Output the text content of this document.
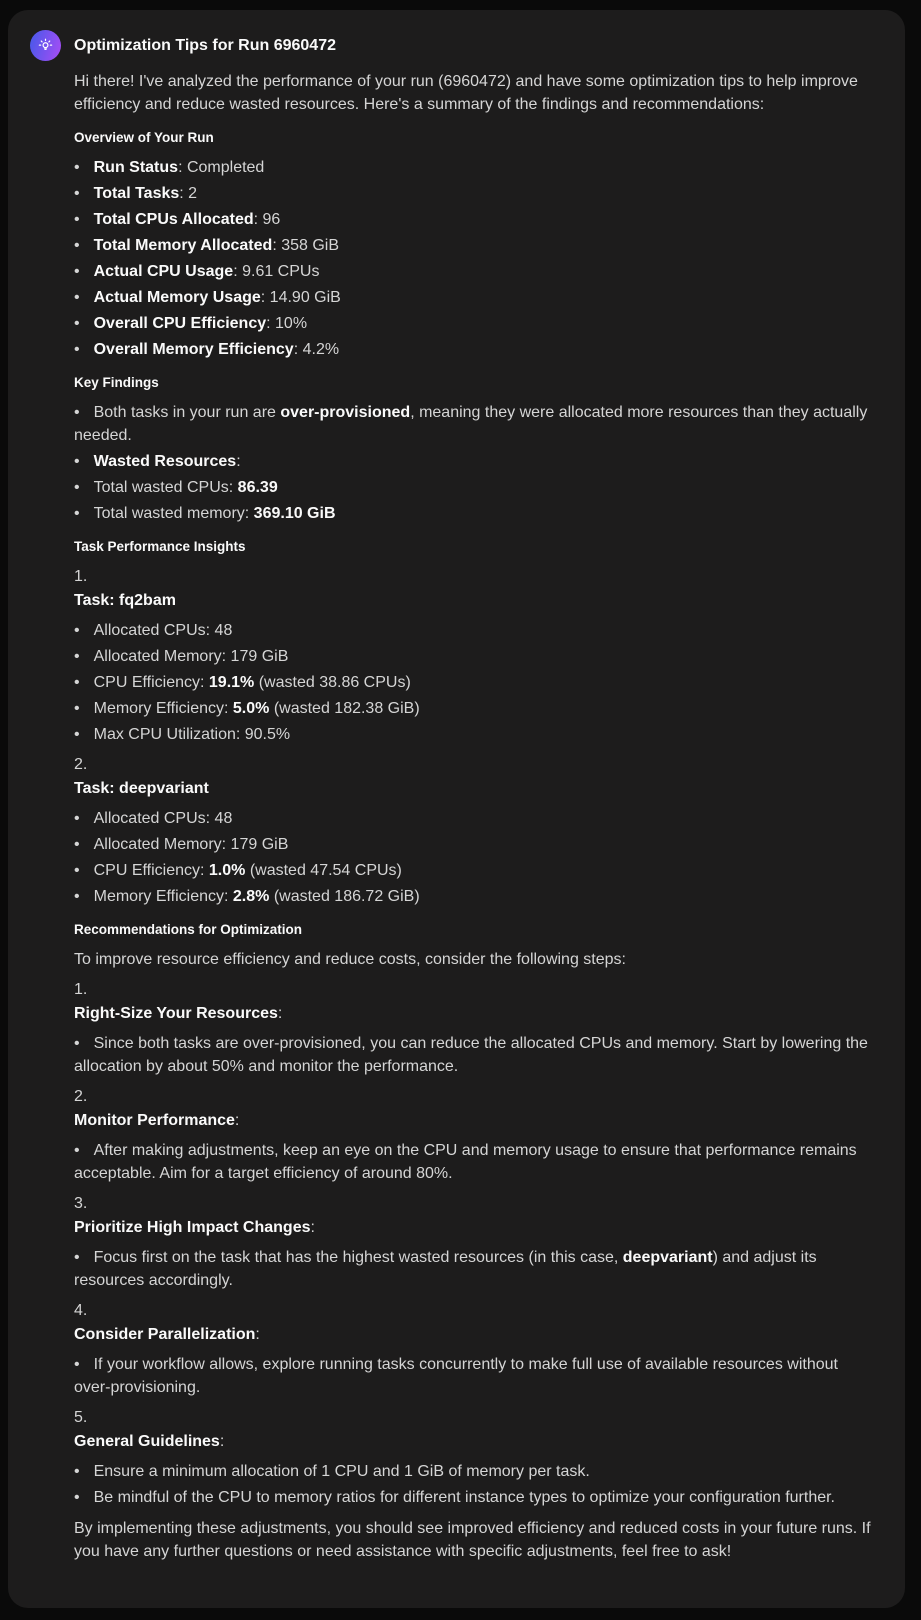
Optimization Tips for Run 6960472

Hi there! I've analyzed the performance of your run (6960472) and have some optimization tips to help improve efficiency and reduce wasted resources. Here's a summary of the findings and recommendations:

Overview of Your Run
• Run Status: Completed
• Total Tasks: 2
• Total CPUs Allocated: 96
• Total Memory Allocated: 358 GiB
• Actual CPU Usage: 9.61 CPUs
• Actual Memory Usage: 14.90 GiB
• Overall CPU Efficiency: 10%
• Overall Memory Efficiency: 4.2%
Key Findings
• Both tasks in your run are over-provisioned, meaning they were allocated more resources than they actually needed.
• Wasted Resources:
• Total wasted CPUs: 86.39
• Total wasted memory: 369.10 GiB
Task Performance Insights
1.
Task: fq2bam
• Allocated CPUs: 48
• Allocated Memory: 179 GiB
• CPU Efficiency: 19.1% (wasted 38.86 CPUs)
• Memory Efficiency: 5.0% (wasted 182.38 GiB)
• Max CPU Utilization: 90.5%
2.
Task: deepvariant
• Allocated CPUs: 48
• Allocated Memory: 179 GiB
• CPU Efficiency: 1.0% (wasted 47.54 CPUs)
• Memory Efficiency: 2.8% (wasted 186.72 GiB)
Recommendations for Optimization

To improve resource efficiency and reduce costs, consider the following steps:

1.
Right-Size Your Resources:
• Since both tasks are over-provisioned, you can reduce the allocated CPUs and memory. Start by lowering the allocation by about 50% and monitor the performance.
2.
Monitor Performance:
• After making adjustments, keep an eye on the CPU and memory usage to ensure that performance remains acceptable. Aim for a target efficiency of around 80%.
3.
Prioritize High Impact Changes:
• Focus first on the task that has the highest wasted resources (in this case, deepvariant) and adjust its resources accordingly.
4.
Consider Parallelization:
• If your workflow allows, explore running tasks concurrently to make full use of available resources without over-provisioning.
5.
General Guidelines:
• Ensure a minimum allocation of 1 CPU and 1 GiB of memory per task.
• Be mindful of the CPU to memory ratios for different instance types to optimize your configuration further.

By implementing these adjustments, you should see improved efficiency and reduced costs in your future runs. If you have any further questions or need assistance with specific adjustments, feel free to ask!
